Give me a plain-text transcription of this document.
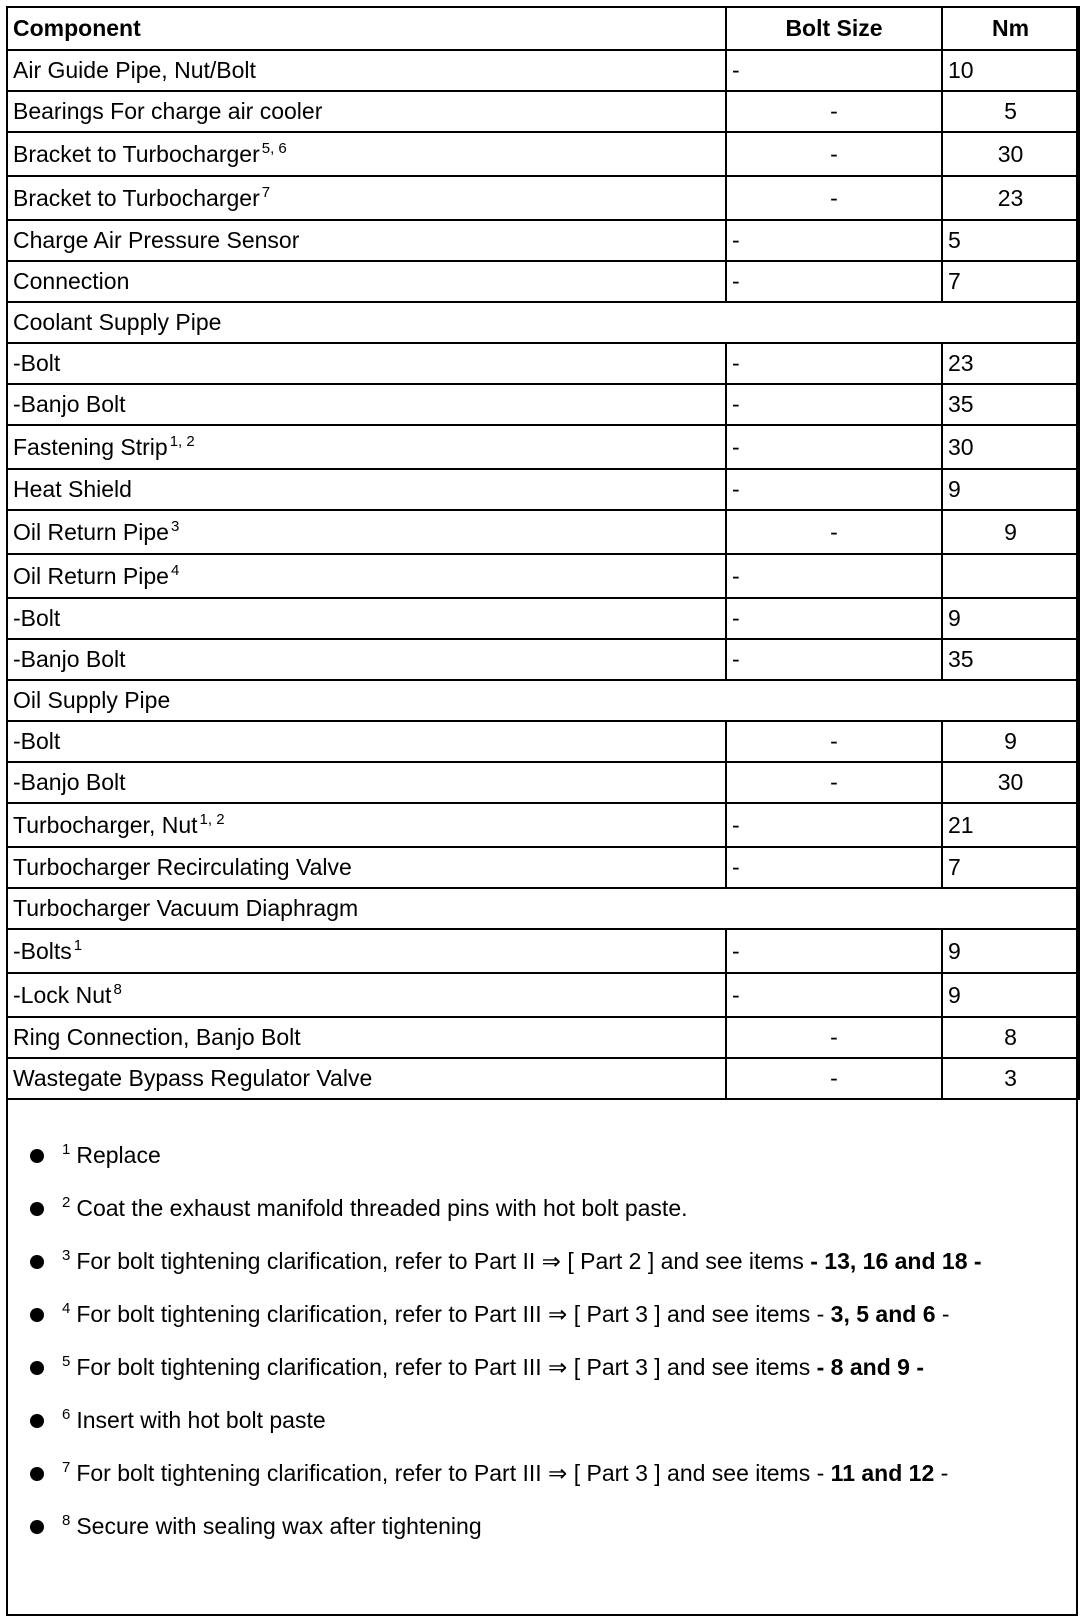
Component	Bolt Size	Nm
Air Guide Pipe, Nut/Bolt	-	10
Bearings For charge air cooler	-	5
Bracket to Turbocharger $^{5, 6}$	-	30
Bracket to Turbocharger $^7$	-	23
Charge Air Pressure Sensor	-	5
Connection	-	7
Coolant Supply Pipe		
-Bolt	-	23
-Banjo Bolt	-	35
Fastening Strip $^{1, 2}$	-	30
Heat Shield	-	9
Oil Return Pipe $^3$	-	9
Oil Return Pipe $^4$	-	
-Bolt	-	9
-Banjo Bolt	-	35
Oil Supply Pipe		
-Bolt	-	9
-Banjo Bolt	-	30
Turbocharger, Nut $^{1, 2}$	-	21
Turbocharger Recirculating Valve	-	7
Turbocharger Vacuum Diaphragm		
-Bolts $^1$	-	9
-Lock Nut $^8$	-	9
Ring Connection, Banjo Bolt	-	8
Wastegate Bypass Regulator Valve	-	3
$^1$ Replace
$^2$ Coat the exhaust manifold threaded pins with hot bolt paste.
$^3$ For bolt tightening clarification, refer to Part II ⇒ [ Part 2 ] and see items - 13, 16 and 18 -
$^4$ For bolt tightening clarification, refer to Part III ⇒ [ Part 3 ] and see items - 3, 5 and 6 -
$^5$ For bolt tightening clarification, refer to Part III ⇒ [ Part 3 ] and see items - 8 and 9 -
$^6$ Insert with hot bolt paste
$^7$ For bolt tightening clarification, refer to Part III ⇒ [ Part 3 ] and see items - 11 and 12 -
$^8$ Secure with sealing wax after tightening
